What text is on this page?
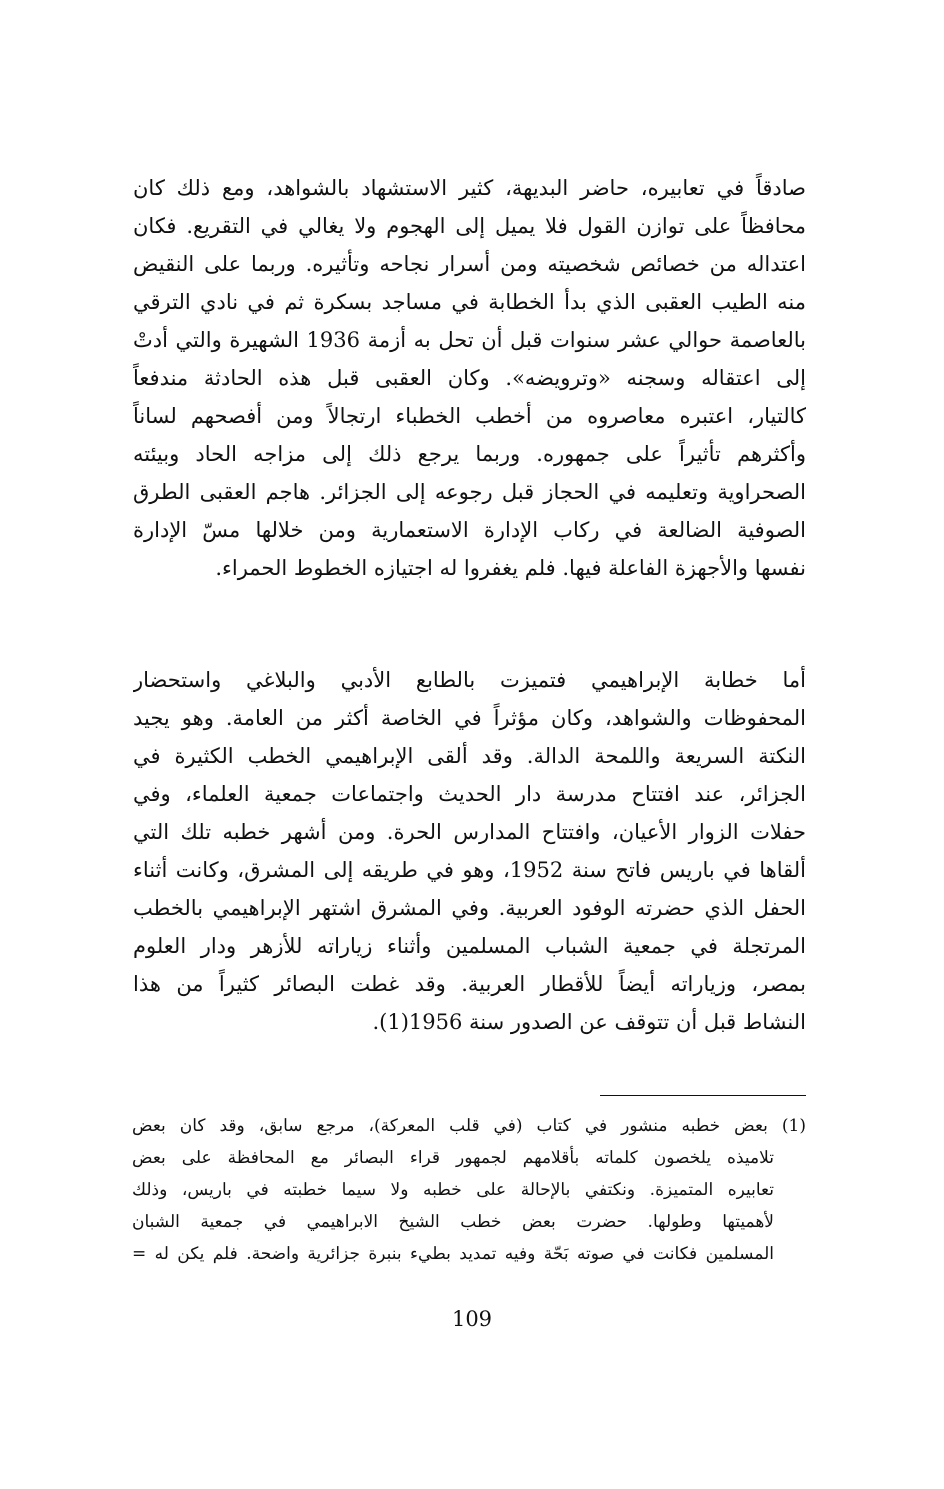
صادقاً في تعابيره، حاضر البديهة، كثير الاستشهاد بالشواهد، ومع ذلك كان
محافظاً على توازن القول فلا يميل إلى الهجوم ولا يغالي في التقريع. فكان
اعتداله من خصائص شخصيته ومن أسرار نجاحه وتأثيره. وربما على النقيض
منه الطيب العقبى الذي بدأ الخطابة في مساجد بسكرة ثم في نادي الترقي
بالعاصمة حوالي عشر سنوات قبل أن تحل به أزمة 1936 الشهيرة والتي أدتْ
إلى اعتقاله وسجنه «وترويضه». وكان العقبى قبل هذه الحادثة مندفعاً
كالتيار، اعتبره معاصروه من أخطب الخطباء ارتجالاً ومن أفصحهم لساناً
وأكثرهم تأثيراً على جمهوره. وربما يرجع ذلك إلى مزاجه الحاد وبيئته
الصحراوية وتعليمه في الحجاز قبل رجوعه إلى الجزائر. هاجم العقبى الطرق
الصوفية الضالعة في ركاب الإدارة الاستعمارية ومن خلالها مسّ الإدارة
نفسها والأجهزة الفاعلة فيها. فلم يغفروا له اجتيازه الخطوط الحمراء.
أما خطابة الإبراهيمي فتميزت بالطابع الأدبي والبلاغي واستحضار
المحفوظات والشواهد، وكان مؤثراً في الخاصة أكثر من العامة. وهو يجيد
النكتة السريعة واللمحة الدالة. وقد ألقى الإبراهيمي الخطب الكثيرة في
الجزائر، عند افتتاح مدرسة دار الحديث واجتماعات جمعية العلماء، وفي
حفلات الزوار الأعيان، وافتتاح المدارس الحرة. ومن أشهر خطبه تلك التي
ألقاها في باريس فاتح سنة 1952، وهو في طريقه إلى المشرق، وكانت أثناء
الحفل الذي حضرته الوفود العربية. وفي المشرق اشتهر الإبراهيمي بالخطب
المرتجلة في جمعية الشباب المسلمين وأثناء زياراته للأزهر ودار العلوم
بمصر، وزياراته أيضاً للأقطار العربية. وقد غطت البصائر كثيراً من هذا
النشاط قبل أن تتوقف عن الصدور سنة 1956(1).
(1) بعض خطبه منشور في كتاب (في قلب المعركة)، مرجع سابق، وقد كان بعض
تلاميذه يلخصون كلماته بأقلامهم لجمهور قراء البصائر مع المحافظة على بعض
تعابيره المتميزة. ونكتفي بالإحالة على خطبه ولا سيما خطبته في باريس، وذلك
لأهميتها وطولها. حضرت بعض خطب الشيخ الابراهيمي في جمعية الشبان
المسلمين فكانت في صوته بَحّة وفيه تمديد بطيء بنبرة جزائرية واضحة. فلم يكن له =
109
